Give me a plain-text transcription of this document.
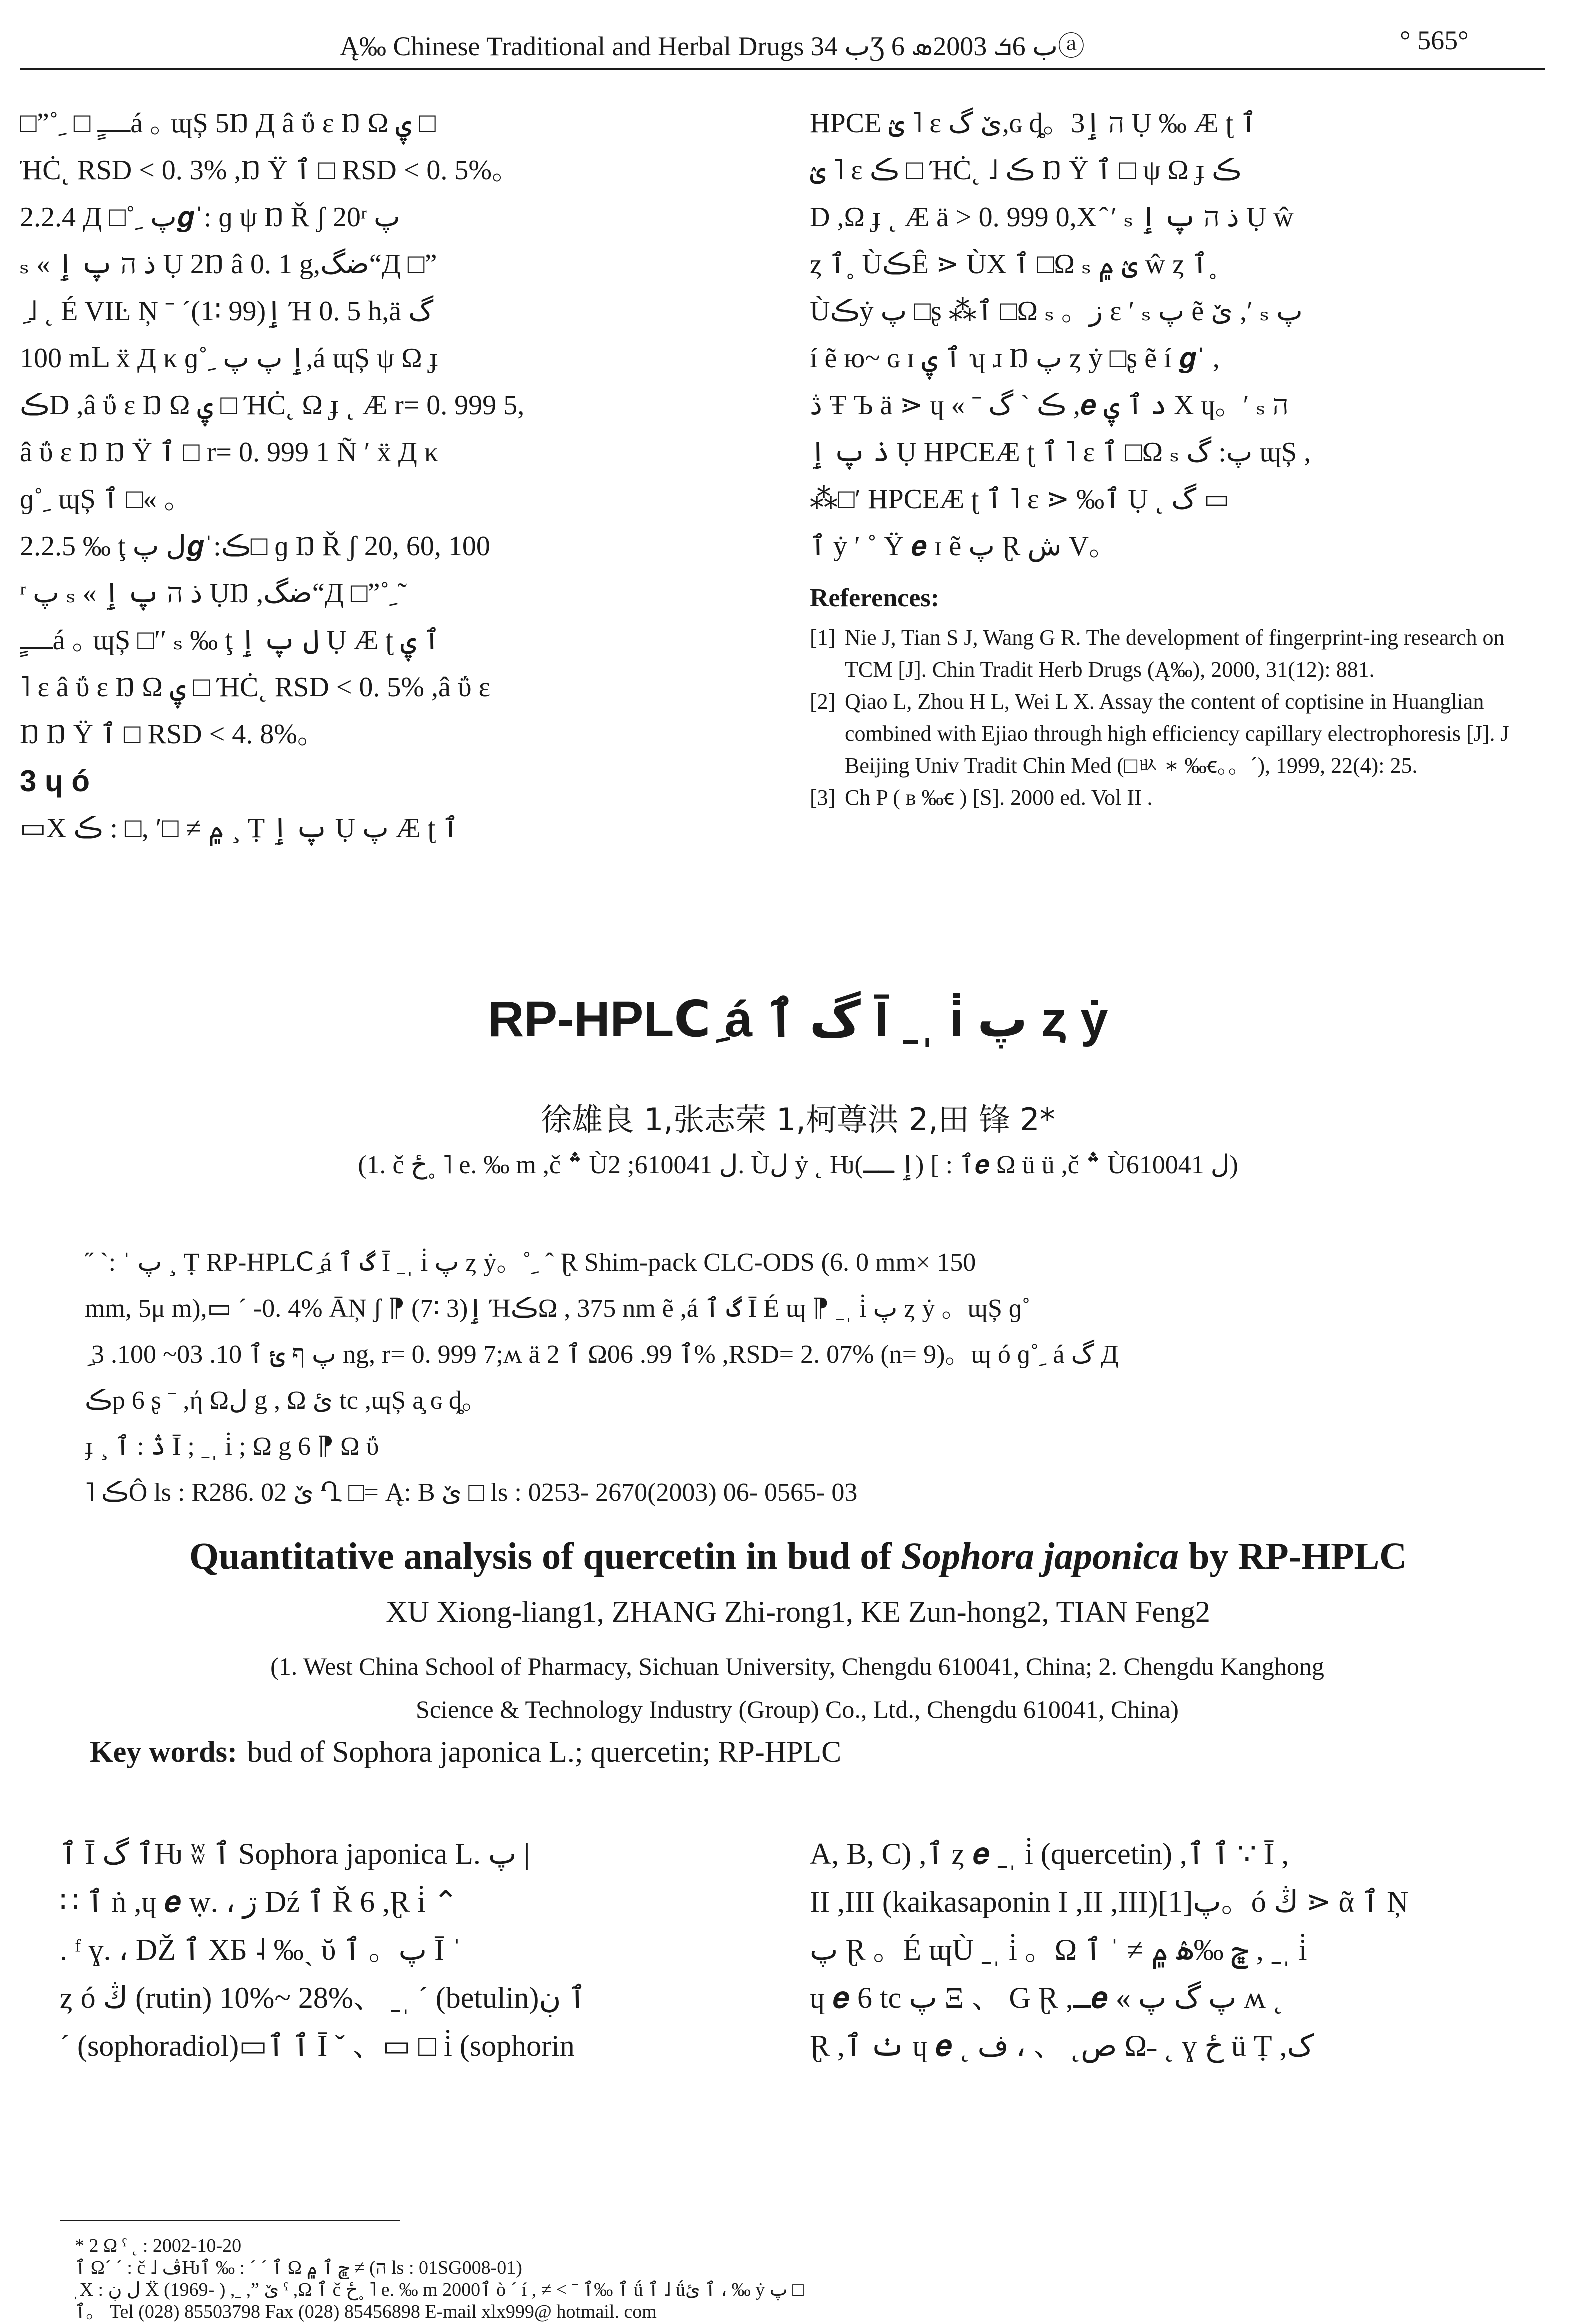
Ą‰ Chinese Traditional and Herbal Drugs ب 34Ʒ ب 6ܭ 2003ܣ 6ⓐ	° 565°
□”˚ ِ □ ــــٍá ｡ ɰȘ 5Ŋ Д â ΰ ɛ Ŋ Ω ۑ □
ΉĊ˛ RSD < 0. 3% ,Ŋ Ÿ ٱ □ RSD < 0. 5%。
2.2.4 Д □˚ ِ پ𝒈ˈ: ɡ ψ Ŋ Ř ʃ 20ʳ پ
ₛ « ذ ה پ ٳ Ụ 2Ŋ â 0. 1 g,ضگ“Д □”
ِ ˩ ˛ É VIĿ Ņ ˉ ˊ(1∶ 99)ٳ Ή 0. 5 h,ä گ
100 mⅬ ẍ Д κ ɡ˚ ِ ٳ پ پ,á ɰȘ ψ Ω ɟ
ڪD ,â ΰ ɛ Ŋ Ω ۑ □ ΉĊ˛ Ω ɟ ˛ Æ r= 0. 999 5,
â ΰ ɛ Ŋ Ŋ Ÿ ٱ □ r= 0. 999 1 Ñ ʹ ẍ Д κ
ɡ˚ ِ ɰȘ ٱ □« 。
2.2.5 ‰ ţ ل پ𝒈ˈ:ڪ□ ɡ Ŋ Ř ʃ 20, 60, 100
ʳ پ ₛ « ذ ה پ ٳ ỤŊ ,ضگ“Д □”˚ ِ˜
ــــٍá ｡ ɰȘ □ʹʹ ₛ ‰ ţ ل پ ٳ Ụ Æ ʈ ٱ ۑ
˥ ɛ â ΰ ɛ Ŋ Ω ۑ □ ΉĊ˛ RSD < 0. 5% ,â ΰ ɛ
Ŋ Ŋ Ÿ ٱ □ RSD < 4. 8%。
3 ɥ ó
▭X ۾ ≠ □ʹ ,□ : ڪ ¸ Ṭ پ ٳ Ụ پ Æ ʈ ٱ
HPCE ؽ ˥ ɛ ێ گ,ɢ ȡ。3ה ٳ Ụ ‰ Æ ʈ ٱ
ؽ ˥ ɛ ڪ □ ΉĊ˛ ˩ ڪ Ŋ Ÿ ٱ □ ψ Ω ɟ ڪ
D ,Ω ɟ ˛ Æ ä > 0. 999 0,X ̂ ʹ ₛ ذ ה پ ٳ Ụ ŵ
ȥ ٱ˳ ÙڪȆ ⋗ ÙX ٱ □Ω ₛ ؽ ۾ ŵ ȥ ٱ˳
Ùڪẏ پ □ʂ ⁂ٱ □Ω ₛ 。ز ɛ ʹ ₛ پ ẽ ێ ,ʹ ₛ پ
í ẽ ю~ ɢ ɪ ٱ ۑ ʮ ɹ Ŋ پ ȥ ẏ □ʂ ẽ í 𝒈ˈ ,
ڎ Ŧ Ъ ä ⋗ ɥ « ˉ ڪ ˋ گ ,𝒆 د ٱ ۑ X ɥ。ʹ ₛ ה
ذ پ ٳ Ụ HPCEÆ ʈ ٱ ˥ ɛ ٱ □Ω ₛ پ: گ ɰȘ ,
⁂□ʹ HPCEÆ ʈ ٱ ˥ ɛ ⋗ ‰ٱ Ụ ˛ گ ▭
ٱ ẏ ʹ ˚ Ÿ 𝒆 ɪ ẽ پ Ɽ ش V。
References:
[1] Nie J, Tian S J, Wang G R. The development of fingerprint-ing research on TCM [J]. Chin Tradit Herb Drugs (Ą‰), 2000, 31(12): 881.
[2] Qiao L, Zhou H L, Wei L X. Assay the content of coptisine in Huanglian combined with Ejiao through high efficiency capillary electrophoresis [J]. J Beijing Univ Tradit Chin Med (□ㅄ ∗ ‰ꞓ。。ˊ), 1999, 22(4): 25.
[3] Ch P ( ʙ ‰ꞓ ) [S]. 2000 ed. Vol II .
RP-HPLCِ á گ ٱ Ī ˍˌ i̇ پ ȥ ẏ
徐雄良 1,张志荣 1,柯尊洪 2,田 锋 2*
(1. č ځ˳ ˥ e. ‰ m ,č ؞ Ùل 610041; 2. Ùل ẏ ˛ Ƕٱ : ] (ٳ ــ)𝒆 Ω ü ü ,č ؞ Ùل 610041)
˝ ˋ: ˈ پ ¸ Ṭ RP-HPLCِ á گ ٱ Ī ˍˌ i̇ پ ȥ ẏ。˚ ِ ˆ Ɽ Shim-pack CLC-ODS (6. 0 mm× 150
mm, 5μ m),▭ ˊ -0. 4% ĀŅ ʃ ⁋ (7∶ 3)ٳ ΉڪΩ , 375 nm ẽ ,á گ ٱ Ī É ɰ ⁋ ˍˌ i̇ پ ȥ ẏ 。ɰȘ ɡ˚
ِ پ ף ئ ٱ 10. 03~ 100. 3 ng, r= 0. 999 7;ʍ ä ٱ 2 Ωٱ 99. 06% ,RSD= 2. 07% (n= 9)。ɰ ó ɡ˚ ِ á گ Д
ڪp 6 ʂ ˉ ,ή Ωل g , Ω ئ tc ,ɰȘ a̧ ɢ ȡ。
ɟ ¸ ڎ : ٱ Ī ; ˍˌ i̇ ; Ω g 6 ⁋ Ω ΰ
˥ ڪÔ ls : R286. 02 ێ Ղ □= Ą: B ێ □ ls : 0253- 2670(2003) 06- 0565- 03
Quantitative analysis of quercetin in bud of Sophora japonica by RP-HPLC
XU Xiong-liang1, ZHANG Zhi-rong1, KE Zun-hong2, TIAN Feng2
(1. West China School of Pharmacy, Sichuan University, Chengdu 610041, China; 2. Chengdu Kanghong
Science & Technology Industry (Group) Co., Ltd., Chengdu 610041, China)
Key words: bud of Sophora japonica L.; quercetin; RP-HPLC
ٱ Ī ٱ گǶ ʬ ٱ Sophora japonica L. پ |
∷ ٱ ṅ ,ɥ 𝒆 ẉ. ، ڗ Dź ٱ Ř 6 ,Ɽ i̇ ⌃
. ᶠ ɣ. ، DŽ ٱ XƂ ˨ ‰ˏ ῠ پ。 ٱ Ī ˈ
ȥ ó ڭ (rutin) 10%~ 28%、 ˍˌ ˊ (betulin)ٱ ڹ
ˊ (sophoradiol)▭ٱ ٱ Ī ˇ 、▭ □ i̇ (sophorin
A, B, C) ,ٱ ȥ 𝒆 ˍˌ i̇ (quercetin) ,ٱ ٱ ∵ Ī ,
II ,III (kaikasaponin I ,II ,III)پ[1]。ó ڭ ⋗ ᾶ ٱ Ņ
پ Ɽ 。É ɰÙ ˍˌ i̇ 。Ω ڇ ‰ۿ ۾ ≠ ˈ ٱ , ˍˌ i̇
ɥ 𝒆 6 tc پ Ξ 、 G Ɽ ,ــ𝒆 « پ گ پ ʍ ˛
Ɽ ,ٺ ٱ ɥ 𝒆 ˛ ص˛ 、 ، ف Ω˗ ˛ ɣ ځ ü Ṭ ,ک
* 2 Ω ˁ ˛ : 2002-10-20
ٱ Ωˊ ˊ : č ˩ ڤǶٱ ˊ ˊ : ‰ ٱ Ω ڇ ٱ ۾ ≠ (ה ls : 01SG008-01)
̦ X : ل ڹ Ẍ (1969- ) ,ˍ ,” ێ ˁ ,Ω ٱ č ځ˳ ˥ e. ‰ m 2000ٱ ò ˊ í , ≠ ˂ ˉ ٱ ‰ٱ ǘ ٱ ˩ ǘٱ ئ ، ‰ ẏ پ □
ٱ。 Tel (028) 85503798 Fax (028) 85456898 E-mail xlx999@ hotmail. com
